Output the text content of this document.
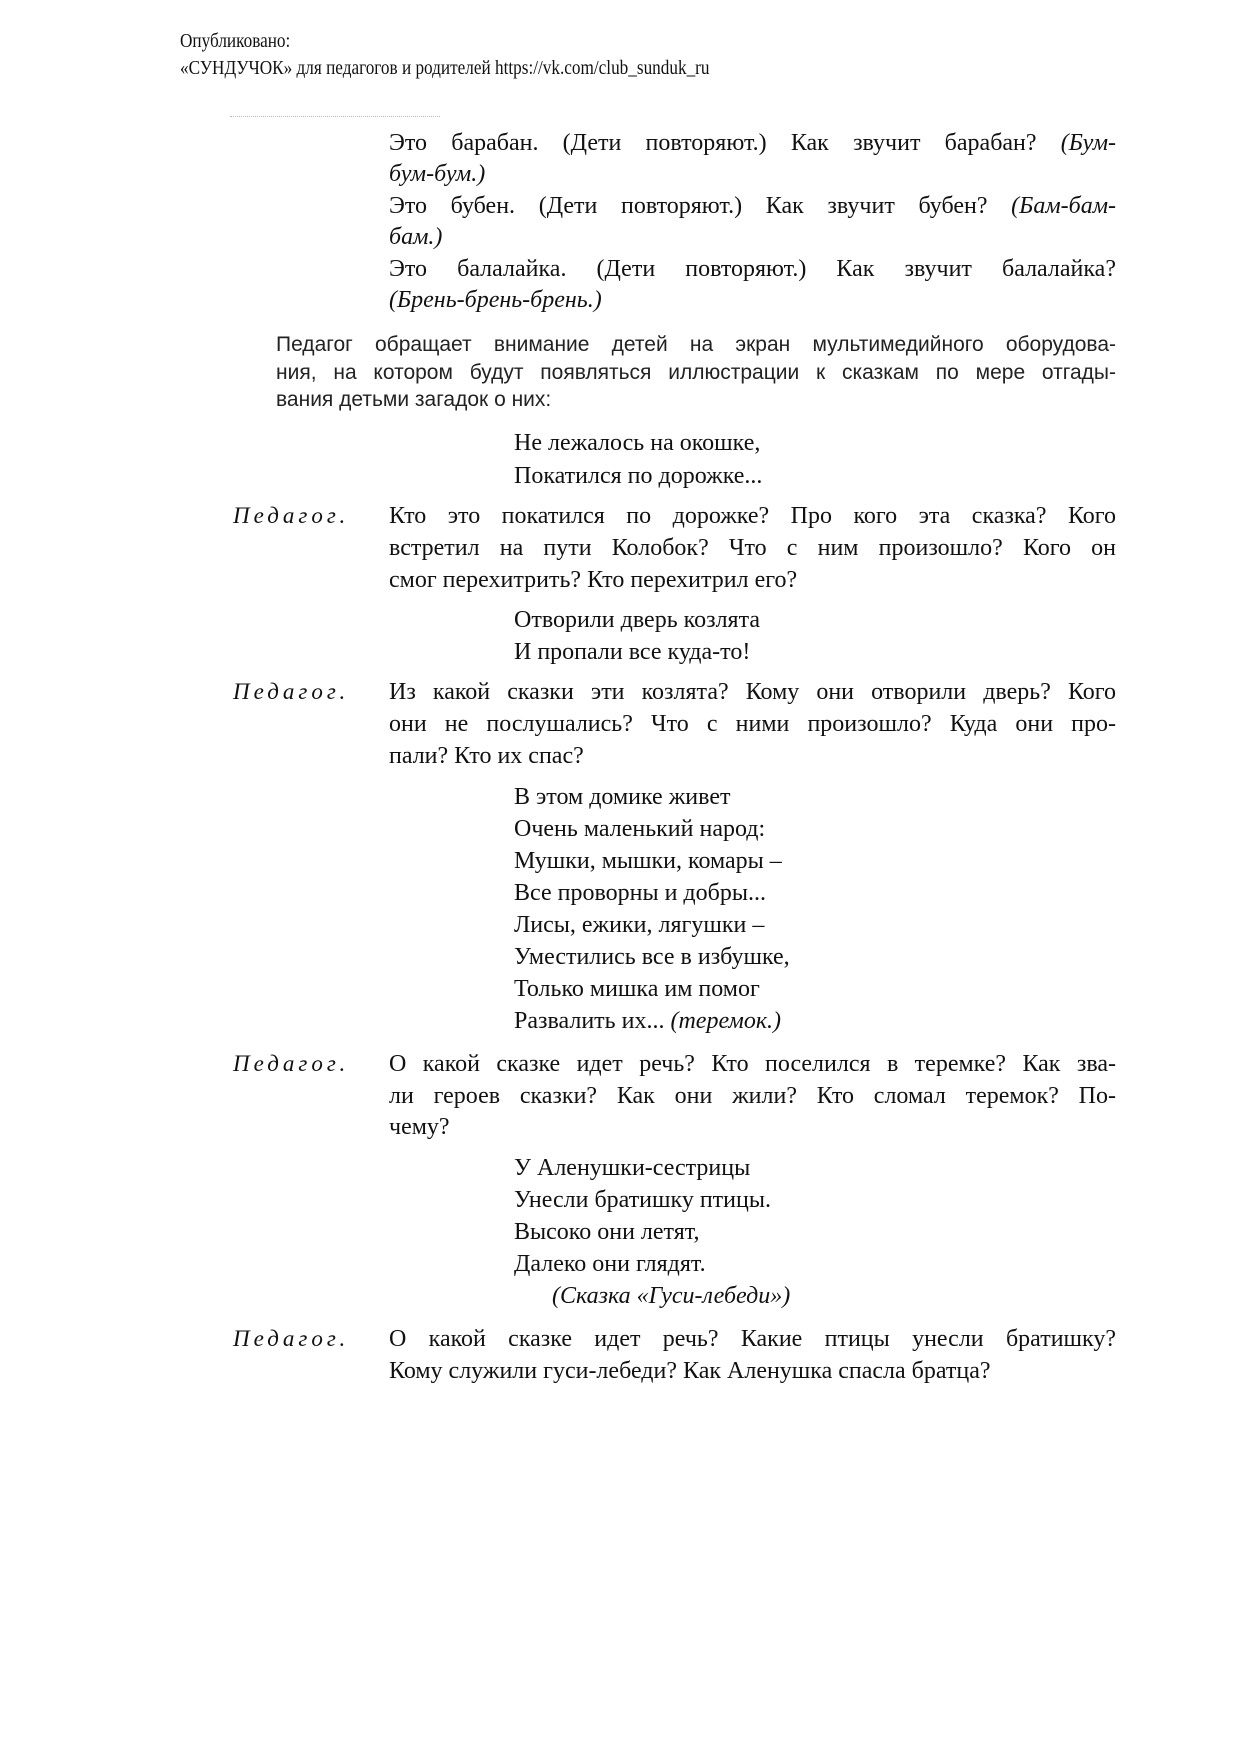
Опубликовано:
«СУНДУЧОК» для педагогов и родителей https://vk.com/club_sunduk_ru
Это барабан. (Дети повторяют.) Как звучит барабан? (Бум-
бум-бум.)
Это бубен. (Дети повторяют.) Как звучит бубен? (Бам-бам-
бам.)
Это балалайка. (Дети повторяют.) Как звучит балалайка?
(Брень-брень-брень.)
Педагог обращает внимание детей на экран мультимедийного оборудова-
ния, на котором будут появляться иллюстрации к сказкам по мере отгады-
вания детьми загадок о них:
Не лежалось на окошке,
Покатился по дорожке...
Педагог. Кто это покатился по дорожке? Про кого эта сказка? Кого
встретил на пути Колобок? Что с ним произошло? Кого он
смог перехитрить? Кто перехитрил его?
Отворили дверь козлята
И пропали все куда-то!
Педагог. Из какой сказки эти козлята? Кому они отворили дверь? Кого
они не послушались? Что с ними произошло? Куда они про-
пали? Кто их спас?
В этом домике живет
Очень маленький народ:
Мушки, мышки, комары –
Все проворны и добры...
Лисы, ежики, лягушки –
Уместились все в избушке,
Только мишка им помог
Развалить их... (теремок.)
Педагог. О какой сказке идет речь? Кто поселился в теремке? Как зва-
ли героев сказки? Как они жили? Кто сломал теремок? По-
чему?
У Аленушки-сестрицы
Унесли братишку птицы.
Высоко они летят,
Далеко они глядят.
(Сказка «Гуси-лебеди»)
Педагог. О какой сказке идет речь? Какие птицы унесли братишку?
Кому служили гуси-лебеди? Как Аленушка спасла братца?
